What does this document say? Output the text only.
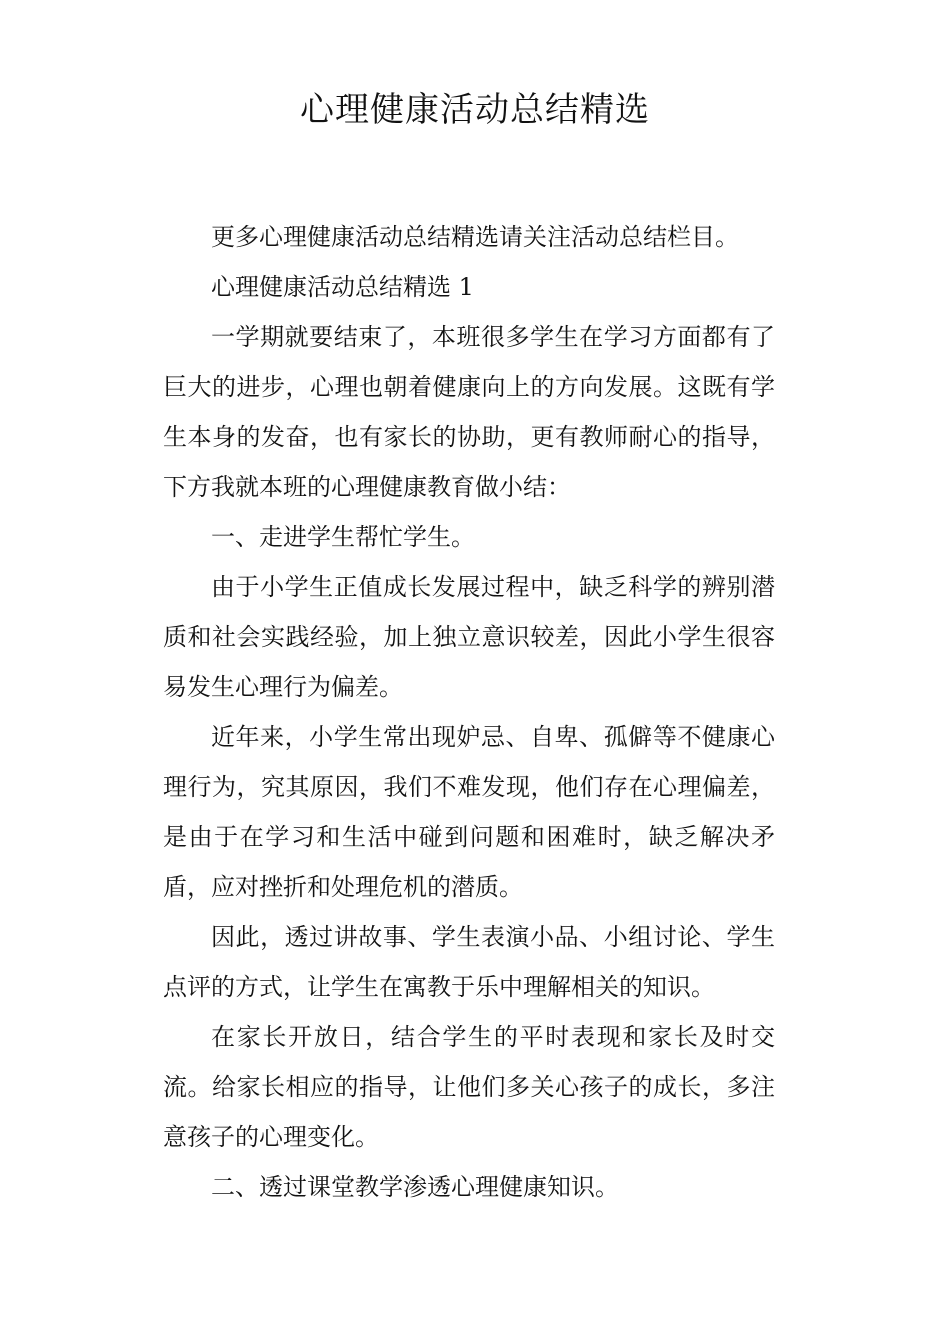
心理健康活动总结精选

更多心理健康活动总结精选请关注活动总结栏目。

心理健康活动总结精选 1

一学期就要结束了，本班很多学生在学习方面都有了巨大的进步，心理也朝着健康向上的方向发展。这既有学生本身的发奋，也有家长的协助，更有教师耐心的指导，下方我就本班的心理健康教育做小结：

一、走进学生帮忙学生。

由于小学生正值成长发展过程中，缺乏科学的辨别潜质和社会实践经验，加上独立意识较差，因此小学生很容易发生心理行为偏差。

近年来，小学生常出现妒忌、自卑、孤僻等不健康心理行为，究其原因，我们不难发现，他们存在心理偏差，是由于在学习和生活中碰到问题和困难时，缺乏解决矛盾，应对挫折和处理危机的潜质。

因此，透过讲故事、学生表演小品、小组讨论、学生点评的方式，让学生在寓教于乐中理解相关的知识。

在家长开放日，结合学生的平时表现和家长及时交流。给家长相应的指导，让他们多关心孩子的成长，多注意孩子的心理变化。

二、透过课堂教学渗透心理健康知识。
